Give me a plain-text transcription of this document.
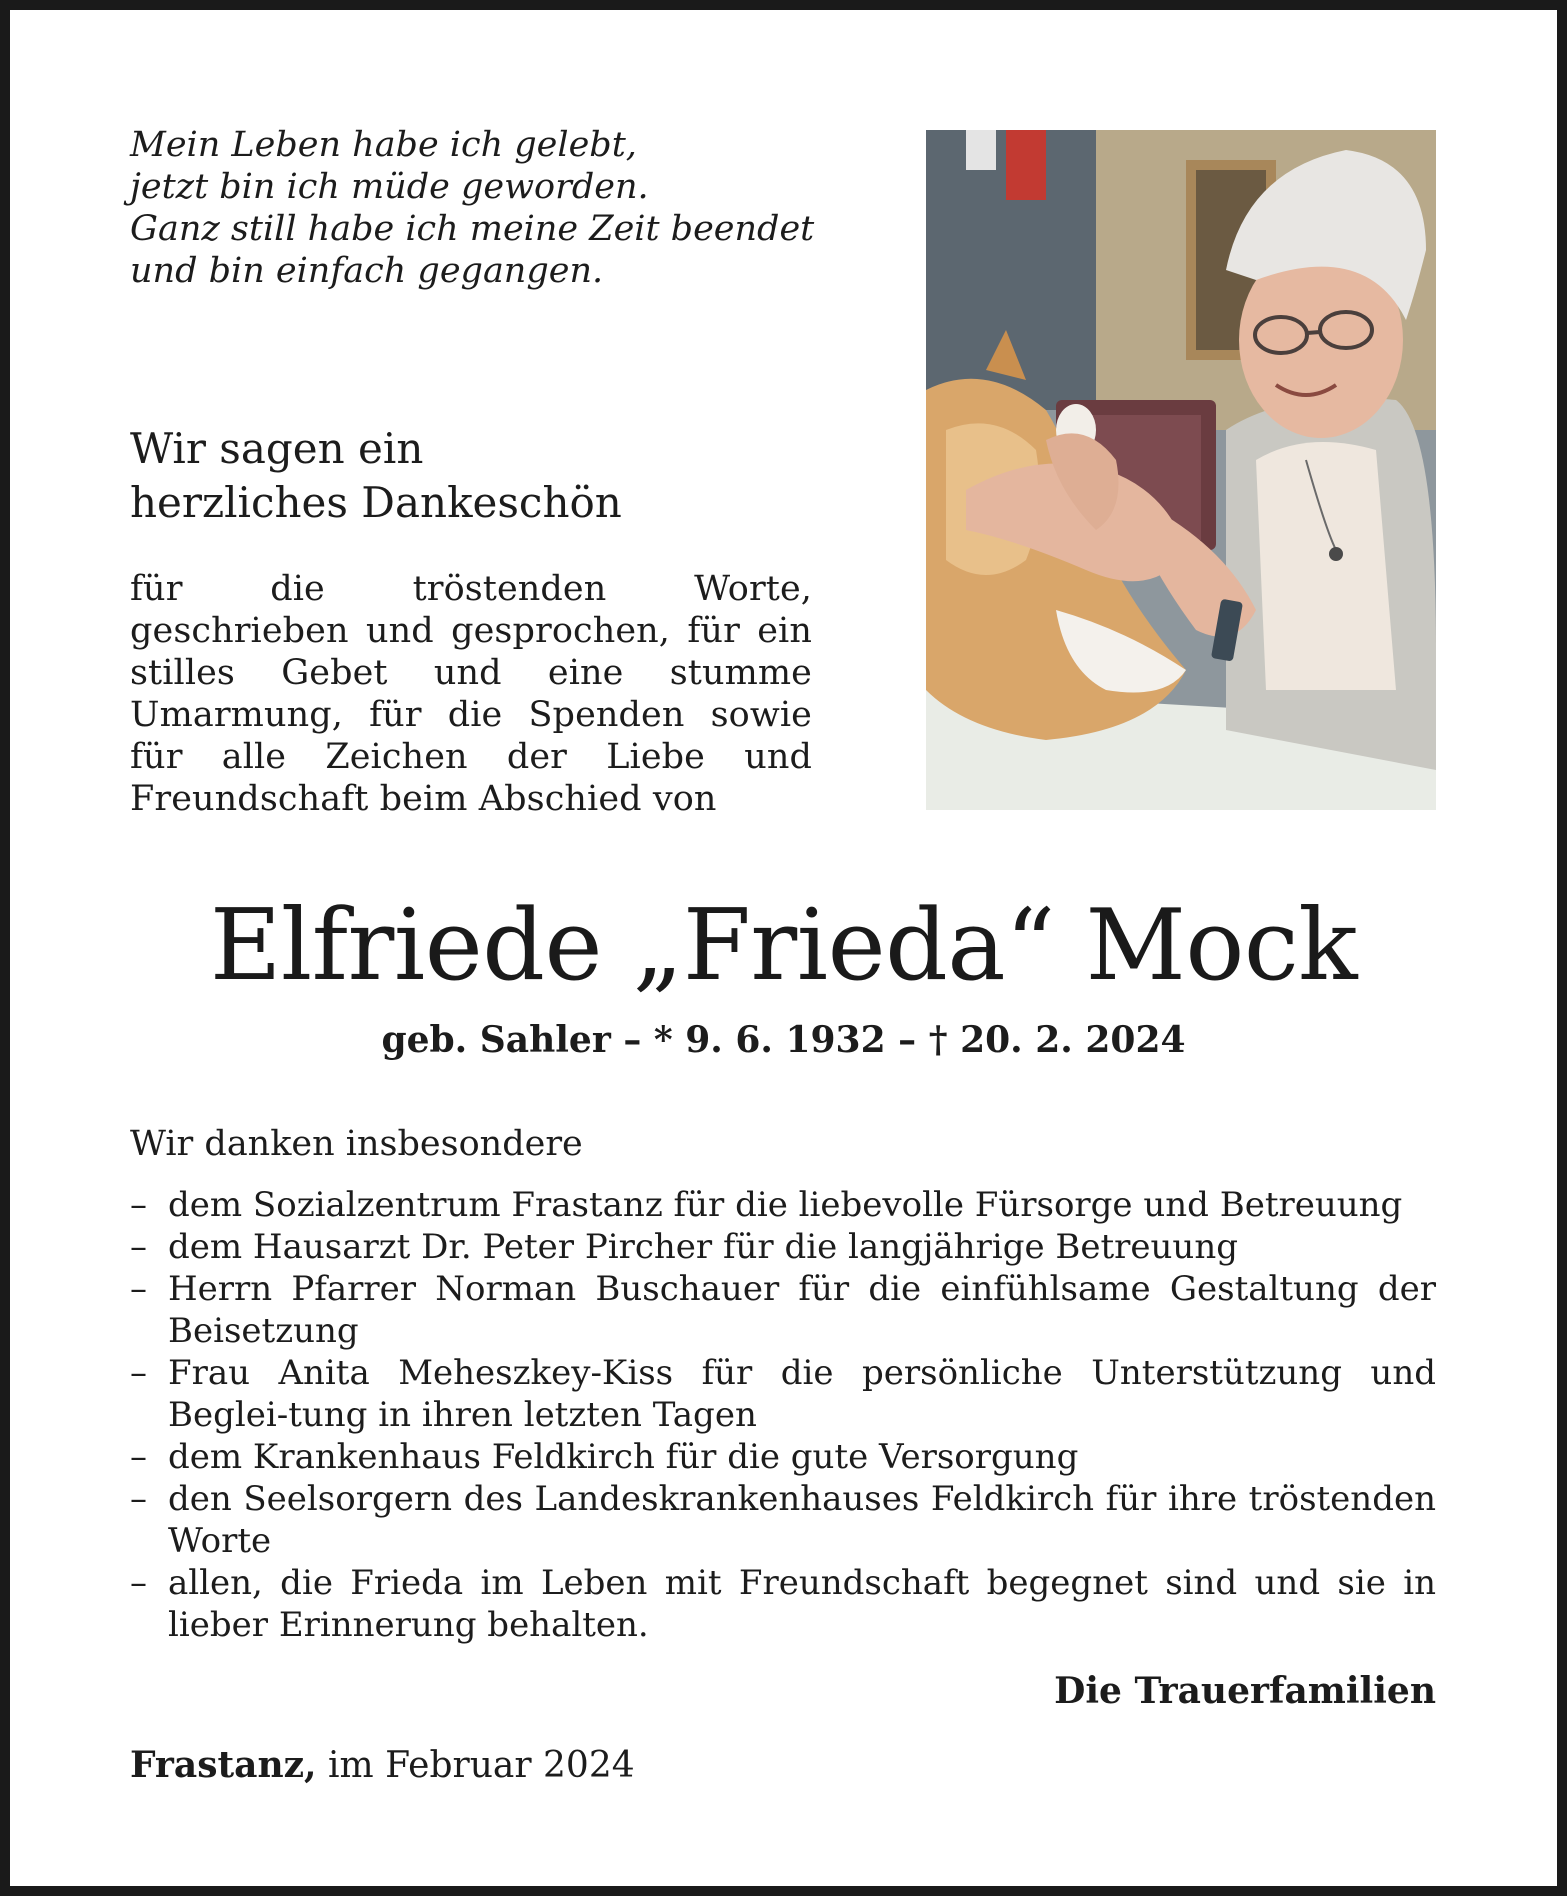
Mein Leben habe ich gelebt,
jetzt bin ich müde geworden.
Ganz still habe ich meine Zeit beendet
und bin einfach gegangen.
Wir sagen ein
herzliches Dankeschön
für die tröstenden Worte, geschrieben und gesprochen, für ein stilles Gebet und eine stumme Umarmung, für die Spenden sowie für alle Zeichen der Liebe und Freundschaft beim Abschied von
Elfriede „Frieda“ Mock
geb. Sahler – * 9. 6. 1932 – † 20. 2. 2024
Wir danken insbesondere
– dem Sozialzentrum Frastanz für die liebevolle Fürsorge und Betreuung
– dem Hausarzt Dr. Peter Pircher für die langjährige Betreuung
– Herrn Pfarrer Norman Buschauer für die einfühlsame Gestaltung der Beisetzung
– Frau Anita Meheszkey-Kiss für die persönliche Unterstützung und Beglei-tung in ihren letzten Tagen
– dem Krankenhaus Feldkirch für die gute Versorgung
– den Seelsorgern des Landeskrankenhauses Feldkirch für ihre tröstenden Worte
– allen, die Frieda im Leben mit Freundschaft begegnet sind und sie in lieber Erinnerung behalten.
Die Trauerfamilien
Frastanz, im Februar 2024
